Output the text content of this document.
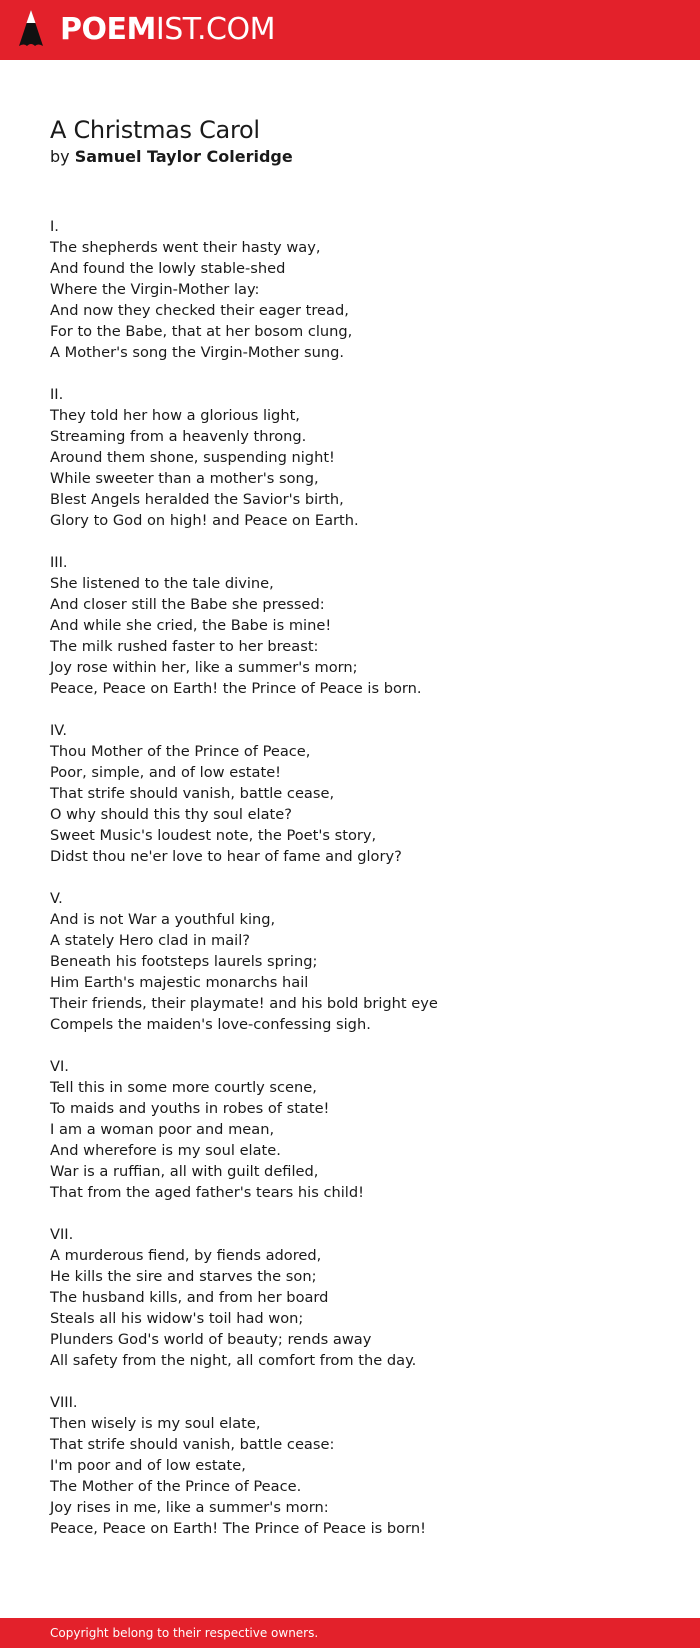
POEMIST.COM
A Christmas Carol
by Samuel Taylor Coleridge
I.
The shepherds went their hasty way,
And found the lowly stable-shed
Where the Virgin-Mother lay:
And now they checked their eager tread,
For to the Babe, that at her bosom clung,
A Mother's song the Virgin-Mother sung.
II.
They told her how a glorious light,
Streaming from a heavenly throng.
Around them shone, suspending night!
While sweeter than a mother's song,
Blest Angels heralded the Savior's birth,
Glory to God on high! and Peace on Earth.
III.
She listened to the tale divine,
And closer still the Babe she pressed:
And while she cried, the Babe is mine!
The milk rushed faster to her breast:
Joy rose within her, like a summer's morn;
Peace, Peace on Earth! the Prince of Peace is born.
IV.
Thou Mother of the Prince of Peace,
Poor, simple, and of low estate!
That strife should vanish, battle cease,
O why should this thy soul elate?
Sweet Music's loudest note, the Poet's story,
Didst thou ne'er love to hear of fame and glory?
V.
And is not War a youthful king,
A stately Hero clad in mail?
Beneath his footsteps laurels spring;
Him Earth's majestic monarchs hail
Their friends, their playmate! and his bold bright eye
Compels the maiden's love-confessing sigh.
VI.
Tell this in some more courtly scene,
To maids and youths in robes of state!
I am a woman poor and mean,
And wherefore is my soul elate.
War is a ruffian, all with guilt defiled,
That from the aged father's tears his child!
VII.
A murderous fiend, by fiends adored,
He kills the sire and starves the son;
The husband kills, and from her board
Steals all his widow's toil had won;
Plunders God's world of beauty; rends away
All safety from the night, all comfort from the day.
VIII.
Then wisely is my soul elate,
That strife should vanish, battle cease:
I'm poor and of low estate,
The Mother of the Prince of Peace.
Joy rises in me, like a summer's morn:
Peace, Peace on Earth! The Prince of Peace is born!
Copyright belong to their respective owners.
